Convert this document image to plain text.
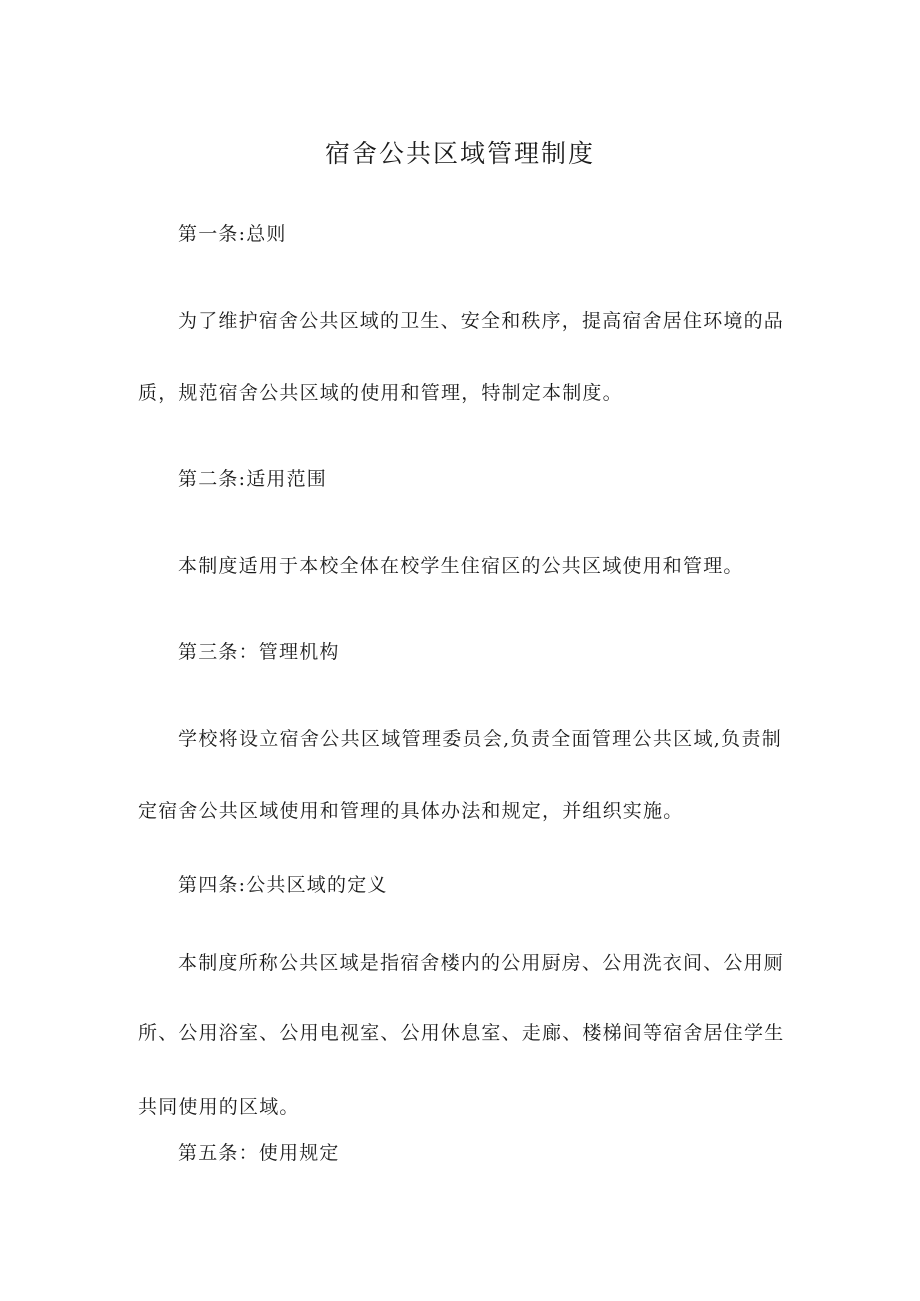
宿舍公共区域管理制度
第一条:总则
为了维护宿舍公共区域的卫生、安全和秩序，提高宿舍居住环境的品
质，规范宿舍公共区域的使用和管理，特制定本制度。
第二条:适用范围
本制度适用于本校全体在校学生住宿区的公共区域使用和管理。
第三条：管理机构
学校将设立宿舍公共区域管理委员会,负责全面管理公共区域,负责制
定宿舍公共区域使用和管理的具体办法和规定，并组织实施。
第四条:公共区域的定义
本制度所称公共区域是指宿舍楼内的公用厨房、公用洗衣间、公用厕
所、公用浴室、公用电视室、公用休息室、走廊、楼梯间等宿舍居住学生
共同使用的区域。
第五条：使用规定
